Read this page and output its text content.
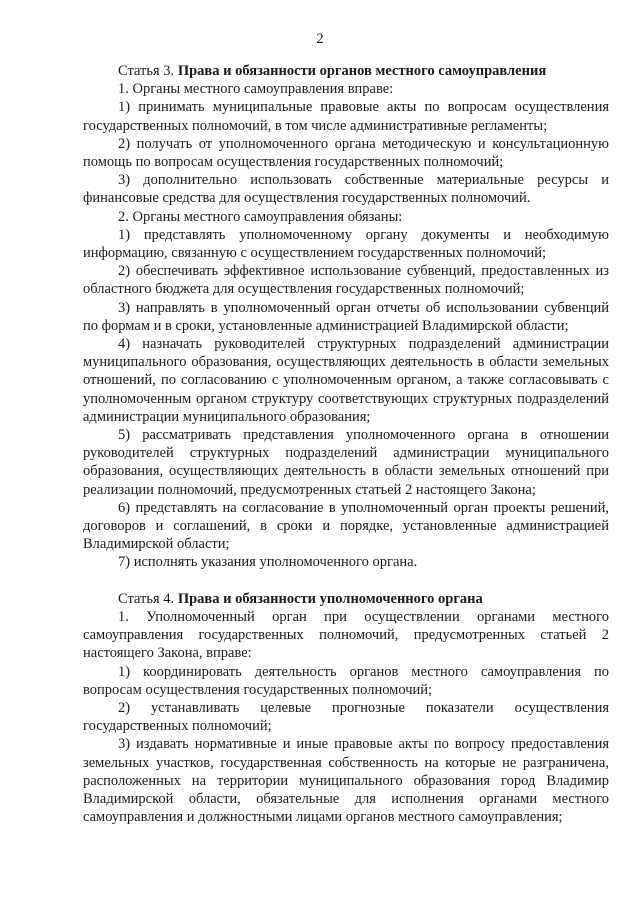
2

Статья 3. Права и обязанности органов местного самоуправления

1. Органы местного самоуправления вправе:

1) принимать муниципальные правовые акты по вопросам осуществления государственных полномочий, в том числе административные регламенты;

2) получать от уполномоченного органа методическую и консультационную помощь по вопросам осуществления государственных полномочий;

3) дополнительно использовать собственные материальные ресурсы и финансовые средства для осуществления государственных полномочий.

2. Органы местного самоуправления обязаны:

1) представлять уполномоченному органу документы и необходимую информацию, связанную с осуществлением государственных полномочий;

2) обеспечивать эффективное использование субвенций, предоставленных из областного бюджета для осуществления государственных полномочий;

3) направлять в уполномоченный орган отчеты об использовании субвенций по формам и в сроки, установленные администрацией Владимирской области;

4) назначать руководителей структурных подразделений администрации муниципального образования, осуществляющих деятельность в области земельных отношений, по согласованию с уполномоченным органом, а также согласовывать с уполномоченным органом структуру соответствующих структурных подразделений администрации муниципального образования;

5) рассматривать представления уполномоченного органа в отношении руководителей структурных подразделений администрации муниципального образования, осуществляющих деятельность в области земельных отношений при реализации полномочий, предусмотренных статьей 2 настоящего Закона;

6) представлять на согласование в уполномоченный орган проекты решений, договоров и соглашений, в сроки и порядке, установленные администрацией Владимирской области;

7) исполнять указания уполномоченного органа.

Статья 4. Права и обязанности уполномоченного органа

1. Уполномоченный орган при осуществлении органами местного самоуправления государственных полномочий, предусмотренных статьей 2 настоящего Закона, вправе:

1) координировать деятельность органов местного самоуправления по вопросам осуществления государственных полномочий;

2) устанавливать целевые прогнозные показатели осуществления государственных полномочий;

3) издавать нормативные и иные правовые акты по вопросу предоставления земельных участков, государственная собственность на которые не разграничена, расположенных на территории муниципального образования город Владимир Владимирской области, обязательные для исполнения органами местного самоуправления и должностными лицами органов местного самоуправления;
